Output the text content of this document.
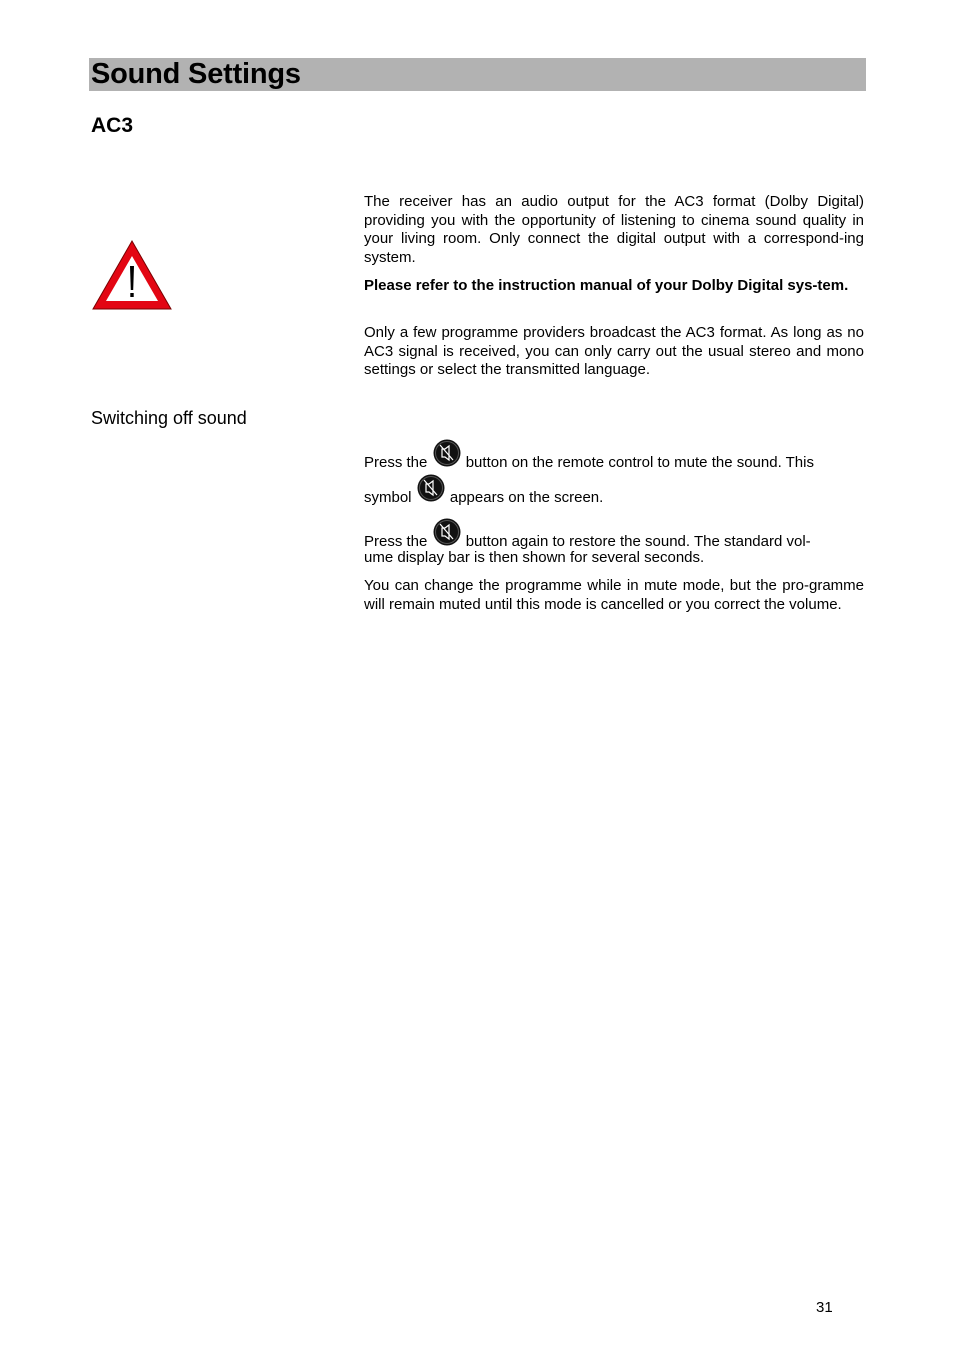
Sound Settings
AC3

The receiver has an audio output for the AC3 format (Dolby Digital) providing you with the opportunity of listening to cinema sound quality in your living room. Only connect the digital output with a correspond-ing system.

Please refer to the instruction manual of your Dolby Digital sys-tem.

Only a few programme providers broadcast the AC3 format. As long as no AC3 signal is received, you can only carry out the usual stereo and mono settings or select the transmitted language.

Switching off sound
Press the	button on the remote control to mute the sound. This
symbol	appears on the screen.
Press the	button again to restore the sound. The standard vol-
ume display bar is then shown for several seconds.

You can change the programme while in mute mode, but the pro-gramme will remain muted until this mode is cancelled or you correct the volume.

31
